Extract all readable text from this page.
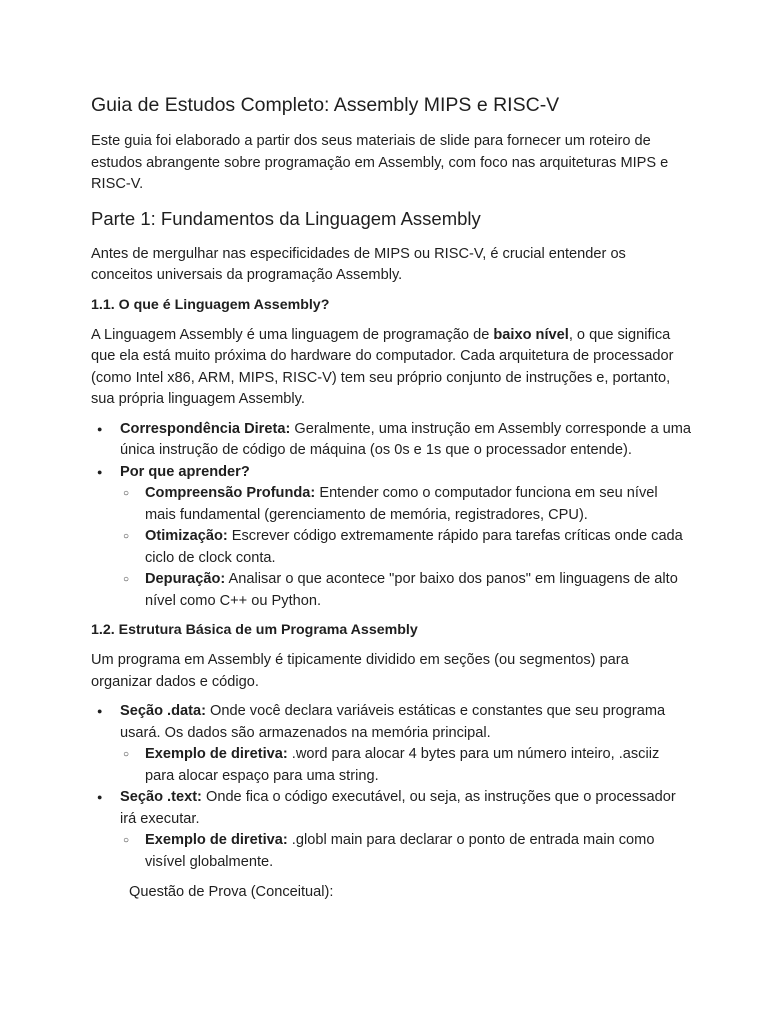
Guia de Estudos Completo: Assembly MIPS e RISC-V

Este guia foi elaborado a partir dos seus materiais de slide para fornecer um roteiro de estudos abrangente sobre programação em Assembly, com foco nas arquiteturas MIPS e RISC-V.

Parte 1: Fundamentos da Linguagem Assembly

Antes de mergulhar nas especificidades de MIPS ou RISC-V, é crucial entender os conceitos universais da programação Assembly.

1.1. O que é Linguagem Assembly?

A Linguagem Assembly é uma linguagem de programação de baixo nível, o que significa que ela está muito próxima do hardware do computador. Cada arquitetura de processador (como Intel x86, ARM, MIPS, RISC-V) tem seu próprio conjunto de instruções e, portanto, sua própria linguagem Assembly.

● Correspondência Direta: Geralmente, uma instrução em Assembly corresponde a uma única instrução de código de máquina (os 0s e 1s que o processador entende).
● Por que aprender?
○ Compreensão Profunda: Entender como o computador funciona em seu nível mais fundamental (gerenciamento de memória, registradores, CPU).
○ Otimização: Escrever código extremamente rápido para tarefas críticas onde cada ciclo de clock conta.
○ Depuração: Analisar o que acontece "por baixo dos panos" em linguagens de alto nível como C++ ou Python.
1.2. Estrutura Básica de um Programa Assembly

Um programa em Assembly é tipicamente dividido em seções (ou segmentos) para organizar dados e código.

● Seção .data: Onde você declara variáveis estáticas e constantes que seu programa usará. Os dados são armazenados na memória principal.
○ Exemplo de diretiva: .word para alocar 4 bytes para um número inteiro, .asciiz para alocar espaço para uma string.
● Seção .text: Onde fica o código executável, ou seja, as instruções que o processador irá executar.
○ Exemplo de diretiva: .globl main para declarar o ponto de entrada main como visível globalmente.
Questão de Prova (Conceitual):
